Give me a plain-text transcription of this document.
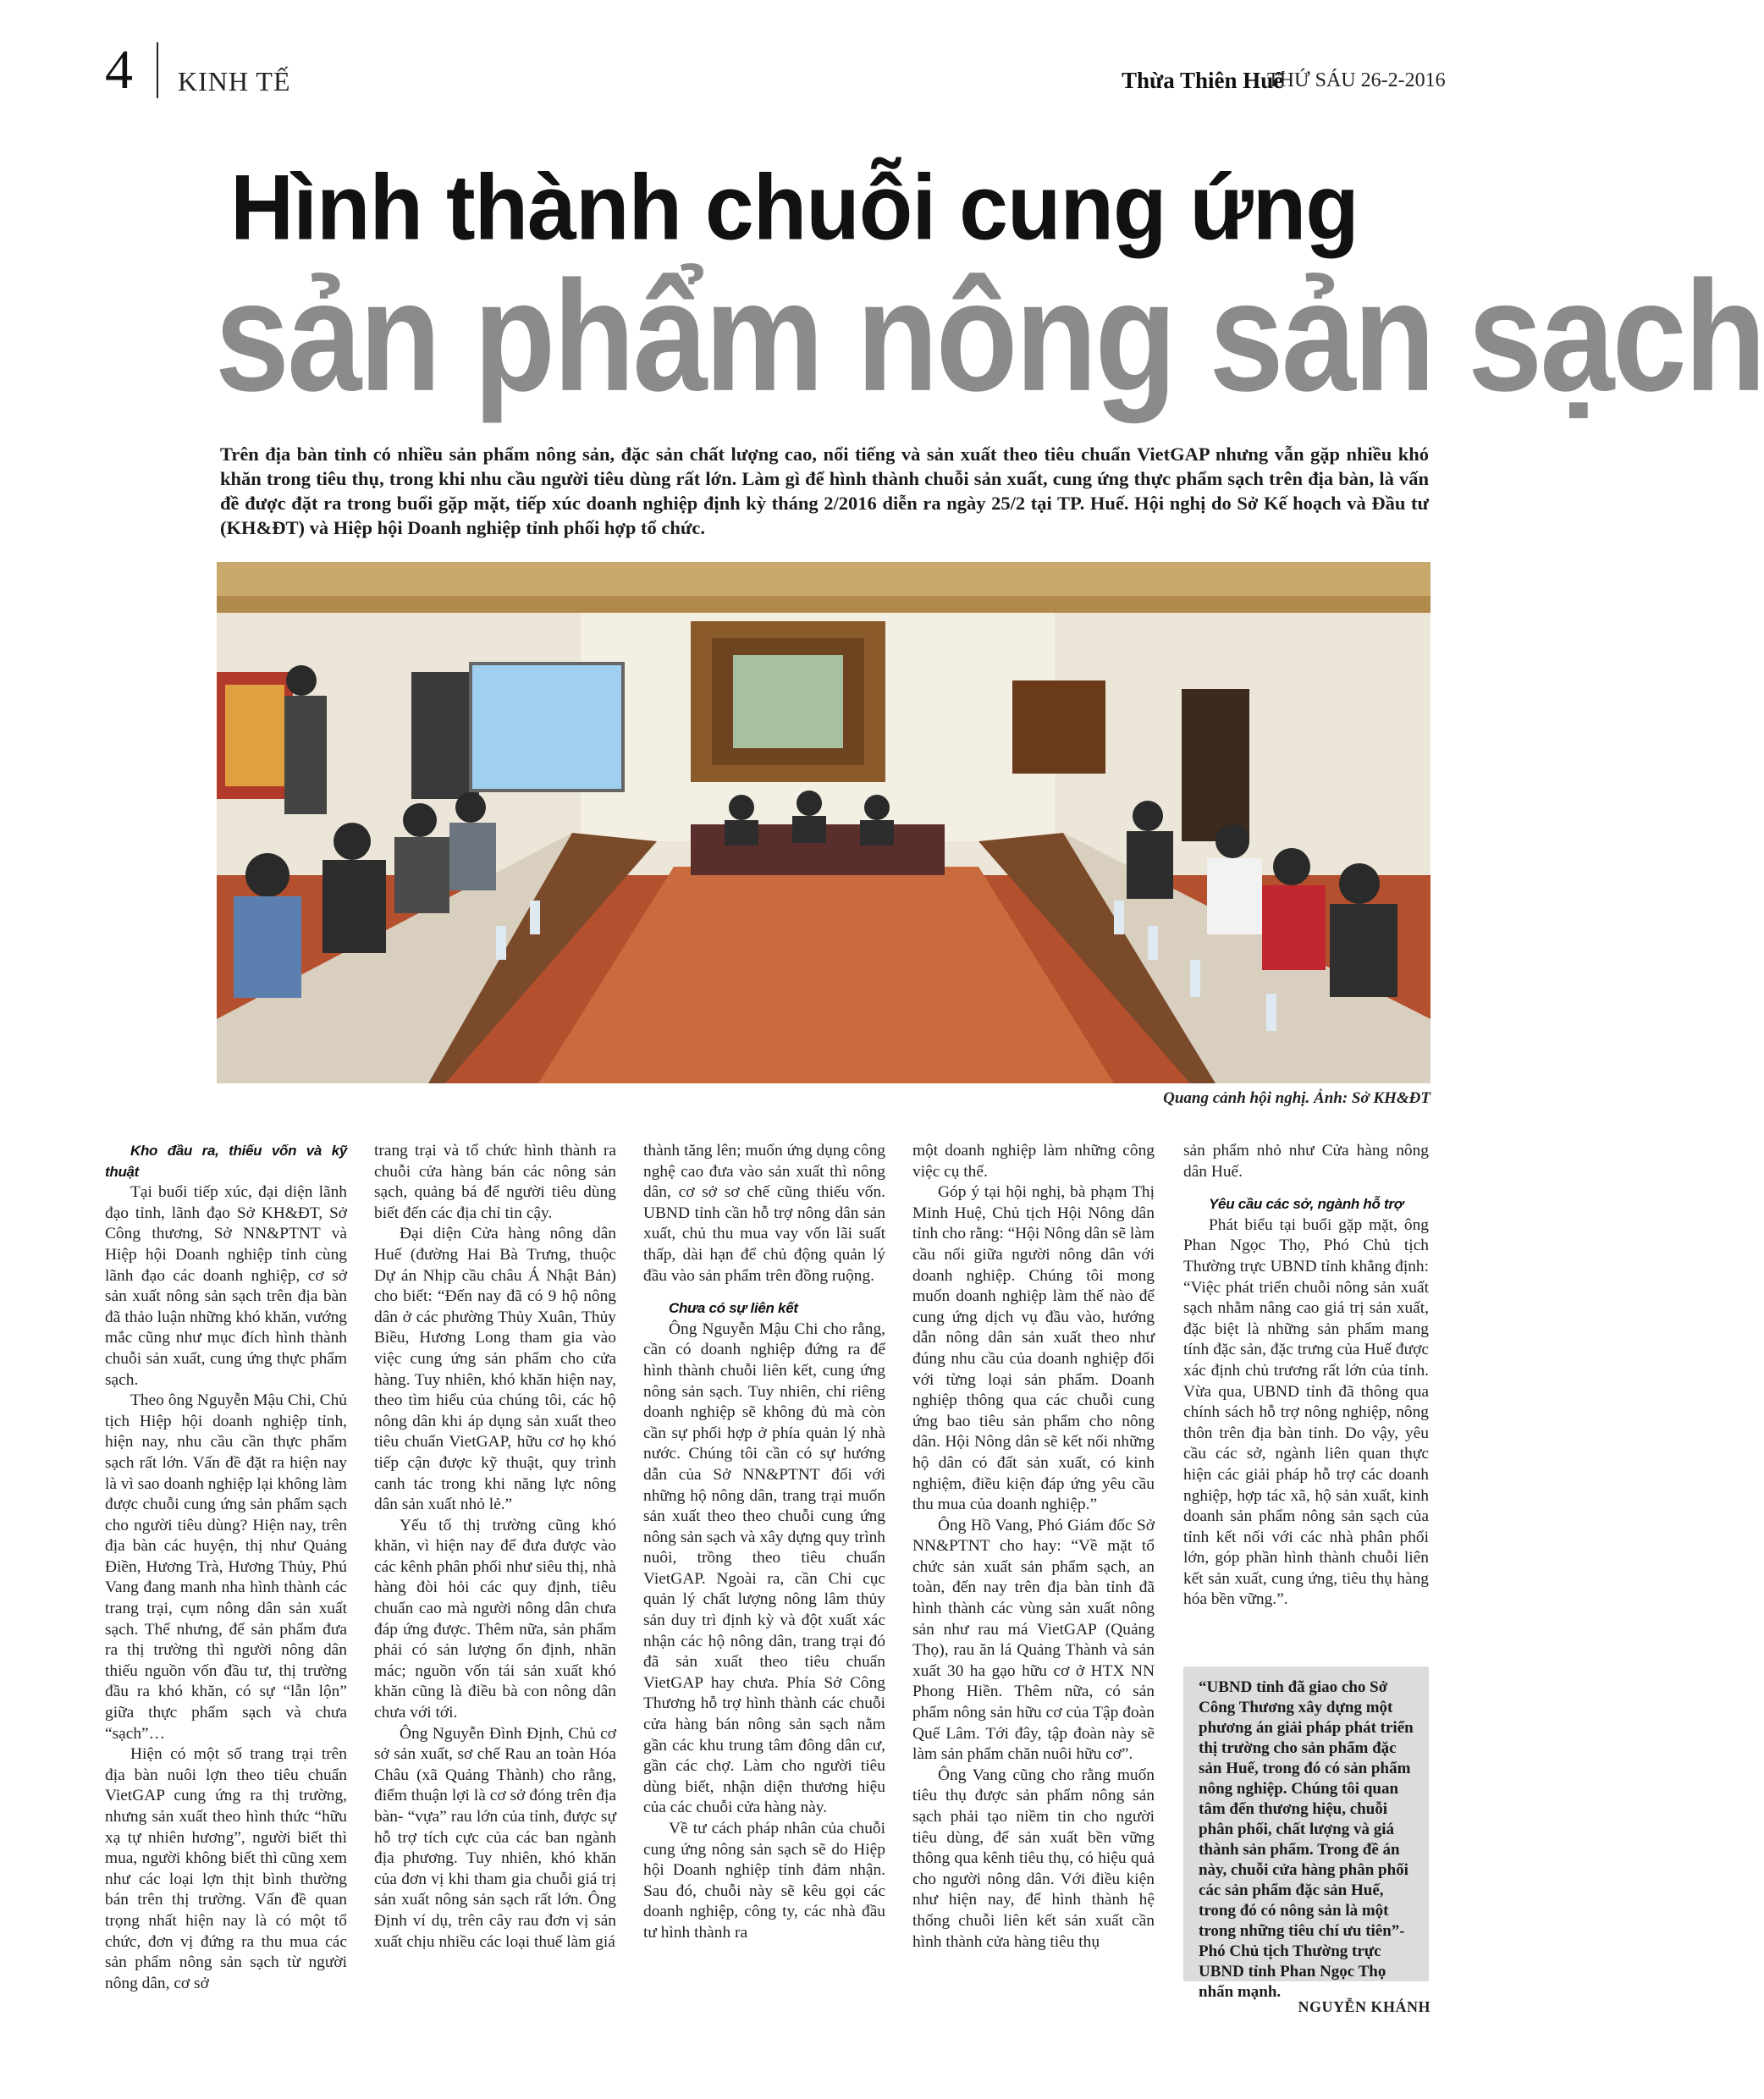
4 KINH TẾ	Thừa Thiên Huế
THỨ SÁU 26-2-2016
Hình thành chuỗi cung ứng
sản phẩm nông sản sạch
Trên địa bàn tỉnh có nhiều sản phẩm nông sản, đặc sản chất lượng cao, nổi tiếng và sản xuất theo tiêu chuẩn VietGAP nhưng vẫn gặp nhiều khó khăn trong tiêu thụ, trong khi nhu cầu người tiêu dùng rất lớn. Làm gì để hình thành chuỗi sản xuất, cung ứng thực phẩm sạch trên địa bàn, là vấn đề được đặt ra trong buổi gặp mặt, tiếp xúc doanh nghiệp định kỳ tháng 2/2016 diễn ra ngày 25/2 tại TP. Huế. Hội nghị do Sở Kế hoạch và Đầu tư (KH&ĐT) và Hiệp hội Doanh nghiệp tỉnh phối hợp tổ chức.
Quang cảnh hội nghị. Ảnh: Sở KH&ĐT

Kho đầu ra, thiếu vốn và kỹ thuật

Tại buổi tiếp xúc, đại diện lãnh đạo tỉnh, lãnh đạo Sở KH&ĐT, Sở Công thương, Sở NN&PTNT và Hiệp hội Doanh nghiệp tỉnh cùng lãnh đạo các doanh nghiệp, cơ sở sản xuất nông sản sạch trên địa bàn đã thảo luận những khó khăn, vướng mắc cũng như mục đích hình thành chuỗi sản xuất, cung ứng thực phẩm sạch.

Theo ông Nguyễn Mậu Chi, Chủ tịch Hiệp hội doanh nghiệp tỉnh, hiện nay, nhu cầu cần thực phẩm sạch rất lớn. Vấn đề đặt ra hiện nay là vì sao doanh nghiệp lại không làm được chuỗi cung ứng sản phẩm sạch cho người tiêu dùng? Hiện nay, trên địa bàn các huyện, thị như Quảng Điền, Hương Trà, Hương Thủy, Phú Vang đang manh nha hình thành các trang trại, cụm nông dân sản xuất sạch. Thế nhưng, để sản phẩm đưa ra thị trường thì người nông dân thiếu nguồn vốn đầu tư, thị trường đầu ra khó khăn, có sự “lẫn lộn” giữa thực phẩm sạch và chưa “sạch”…

Hiện có một số trang trại trên địa bàn nuôi lợn theo tiêu chuẩn VietGAP cung ứng ra thị trường, nhưng sản xuất theo hình thức “hữu xạ tự nhiên hương”, người biết thì mua, người không biết thì cũng xem như các loại lợn thịt bình thường bán trên thị trường. Vấn đề quan trọng nhất hiện nay là có một tổ chức, đơn vị đứng ra thu mua các sản phẩm nông sản sạch từ người nông dân, cơ sở

trang trại và tổ chức hình thành ra chuỗi cửa hàng bán các nông sản sạch, quảng bá để người tiêu dùng biết đến các địa chỉ tin cậy.

Đại diện Cửa hàng nông dân Huế (đường Hai Bà Trưng, thuộc Dự án Nhịp cầu châu Á Nhật Bản) cho biết: “Đến nay đã có 9 hộ nông dân ở các phường Thủy Xuân, Thủy Biều, Hương Long tham gia vào việc cung ứng sản phẩm cho cửa hàng. Tuy nhiên, khó khăn hiện nay, theo tìm hiểu của chúng tôi, các hộ nông dân khi áp dụng sản xuất theo tiêu chuẩn VietGAP, hữu cơ họ khó tiếp cận được kỹ thuật, quy trình canh tác trong khi năng lực nông dân sản xuất nhỏ lẻ.”

Yếu tố thị trường cũng khó khăn, vì hiện nay để đưa được vào các kênh phân phối như siêu thị, nhà hàng đòi hỏi các quy định, tiêu chuẩn cao mà người nông dân chưa đáp ứng được. Thêm nữa, sản phẩm phải có sản lượng ổn định, nhãn mác; nguồn vốn tái sản xuất khó khăn cũng là điều bà con nông dân chưa với tới.

Ông Nguyễn Đình Định, Chủ cơ sở sản xuất, sơ chế Rau an toàn Hóa Châu (xã Quảng Thành) cho rằng, điểm thuận lợi là cơ sở đóng trên địa bàn- “vựa” rau lớn của tỉnh, được sự hỗ trợ tích cực của các ban ngành địa phương. Tuy nhiên, khó khăn của đơn vị khi tham gia chuỗi giá trị sản xuất nông sản sạch rất lớn. Ông Định ví dụ, trên cây rau đơn vị sản xuất chịu nhiều các loại thuế làm giá

thành tăng lên; muốn ứng dụng công nghệ cao đưa vào sản xuất thì nông dân, cơ sở sơ chế cũng thiếu vốn. UBND tỉnh cần hỗ trợ nông dân sản xuất, chủ thu mua vay vốn lãi suất thấp, dài hạn để chủ động quản lý đầu vào sản phẩm trên đồng ruộng.

Chưa có sự liên kết

Ông Nguyễn Mậu Chi cho rằng, cần có doanh nghiệp đứng ra để hình thành chuỗi liên kết, cung ứng nông sản sạch. Tuy nhiên, chỉ riêng doanh nghiệp sẽ không đủ mà còn cần sự phối hợp ở phía quản lý nhà nước. Chúng tôi cần có sự hướng dẫn của Sở NN&PTNT đối với những hộ nông dân, trang trại muốn sản xuất theo theo chuỗi cung ứng nông sản sạch và xây dựng quy trình nuôi, trồng theo tiêu chuẩn VietGAP. Ngoài ra, cần Chi cục quản lý chất lượng nông lâm thủy sản duy trì định kỳ và đột xuất xác nhận các hộ nông dân, trang trại đó đã sản xuất theo tiêu chuẩn VietGAP hay chưa. Phía Sở Công Thương hỗ trợ hình thành các chuỗi cửa hàng bán nông sản sạch nằm gần các khu trung tâm đông dân cư, gần các chợ. Làm cho người tiêu dùng biết, nhận diện thương hiệu của các chuỗi cửa hàng này.

Về tư cách pháp nhân của chuỗi cung ứng nông sản sạch sẽ do Hiệp hội Doanh nghiệp tỉnh đảm nhận. Sau đó, chuỗi này sẽ kêu gọi các doanh nghiệp, công ty, các nhà đầu tư hình thành ra

một doanh nghiệp làm những công việc cụ thể.

Góp ý tại hội nghị, bà phạm Thị Minh Huệ, Chủ tịch Hội Nông dân tỉnh cho rằng: “Hội Nông dân sẽ làm cầu nối giữa người nông dân với doanh nghiệp. Chúng tôi mong muốn doanh nghiệp làm thế nào để cung ứng dịch vụ đầu vào, hướng dẫn nông dân sản xuất theo như đúng nhu cầu của doanh nghiệp đối với từng loại sản phẩm. Doanh nghiệp thông qua các chuỗi cung ứng bao tiêu sản phẩm cho nông dân. Hội Nông dân sẽ kết nối những hộ dân có đất sản xuất, có kinh nghiệm, điều kiện đáp ứng yêu cầu thu mua của doanh nghiệp.”

Ông Hồ Vang, Phó Giám đốc Sở NN&PTNT cho hay: “Về mặt tổ chức sản xuất sản phẩm sạch, an toàn, đến nay trên địa bàn tỉnh đã hình thành các vùng sản xuất nông sản như rau má VietGAP (Quảng Thọ), rau ăn lá Quảng Thành và sản xuất 30 ha gạo hữu cơ ở HTX NN Phong Hiền. Thêm nữa, có sản phẩm nông sản hữu cơ của Tập đoàn Quế Lâm. Tới đây, tập đoàn này sẽ làm sản phẩm chăn nuôi hữu cơ”.

Ông Vang cũng cho rằng muốn tiêu thụ được sản phẩm nông sản sạch phải tạo niềm tin cho người tiêu dùng, để sản xuất bền vững thông qua kênh tiêu thụ, có hiệu quả cho người nông dân. Với điều kiện như hiện nay, để hình thành hệ thống chuỗi liên kết sản xuất cần hình thành cửa hàng tiêu thụ

sản phẩm nhỏ như Cửa hàng nông dân Huế.

Yêu cầu các sở, ngành hỗ trợ

Phát biểu tại buổi gặp mặt, ông Phan Ngọc Thọ, Phó Chủ tịch Thường trực UBND tỉnh khẳng định: “Việc phát triển chuỗi nông sản xuất sạch nhằm nâng cao giá trị sản xuất, đặc biệt là những sản phẩm mang tính đặc sản, đặc trưng của Huế được xác định chủ trương rất lớn của tỉnh. Vừa qua, UBND tỉnh đã thông qua chính sách hỗ trợ nông nghiệp, nông thôn trên địa bàn tỉnh. Do vậy, yêu cầu các sở, ngành liên quan thực hiện các giải pháp hỗ trợ các doanh nghiệp, hợp tác xã, hộ sản xuất, kinh doanh sản phẩm nông sản sạch của tỉnh kết nối với các nhà phân phối lớn, góp phần hình thành chuỗi liên kết sản xuất, cung ứng, tiêu thụ hàng hóa bền vững.”.

“UBND tỉnh đã giao cho Sở Công Thương xây dựng một phương án giải pháp phát triển thị trường cho sản phẩm đặc sản Huế, trong đó có sản phẩm nông nghiệp. Chúng tôi quan tâm đến thương hiệu, chuỗi phân phối, chất lượng và giá thành sản phẩm. Trong đề án này, chuỗi cửa hàng phân phối các sản phẩm đặc sản Huế, trong đó có nông sản là một trong những tiêu chí ưu tiên”- Phó Chủ tịch Thường trực UBND tỉnh Phan Ngọc Thọ nhấn mạnh.
NGUYỄN KHÁNH
